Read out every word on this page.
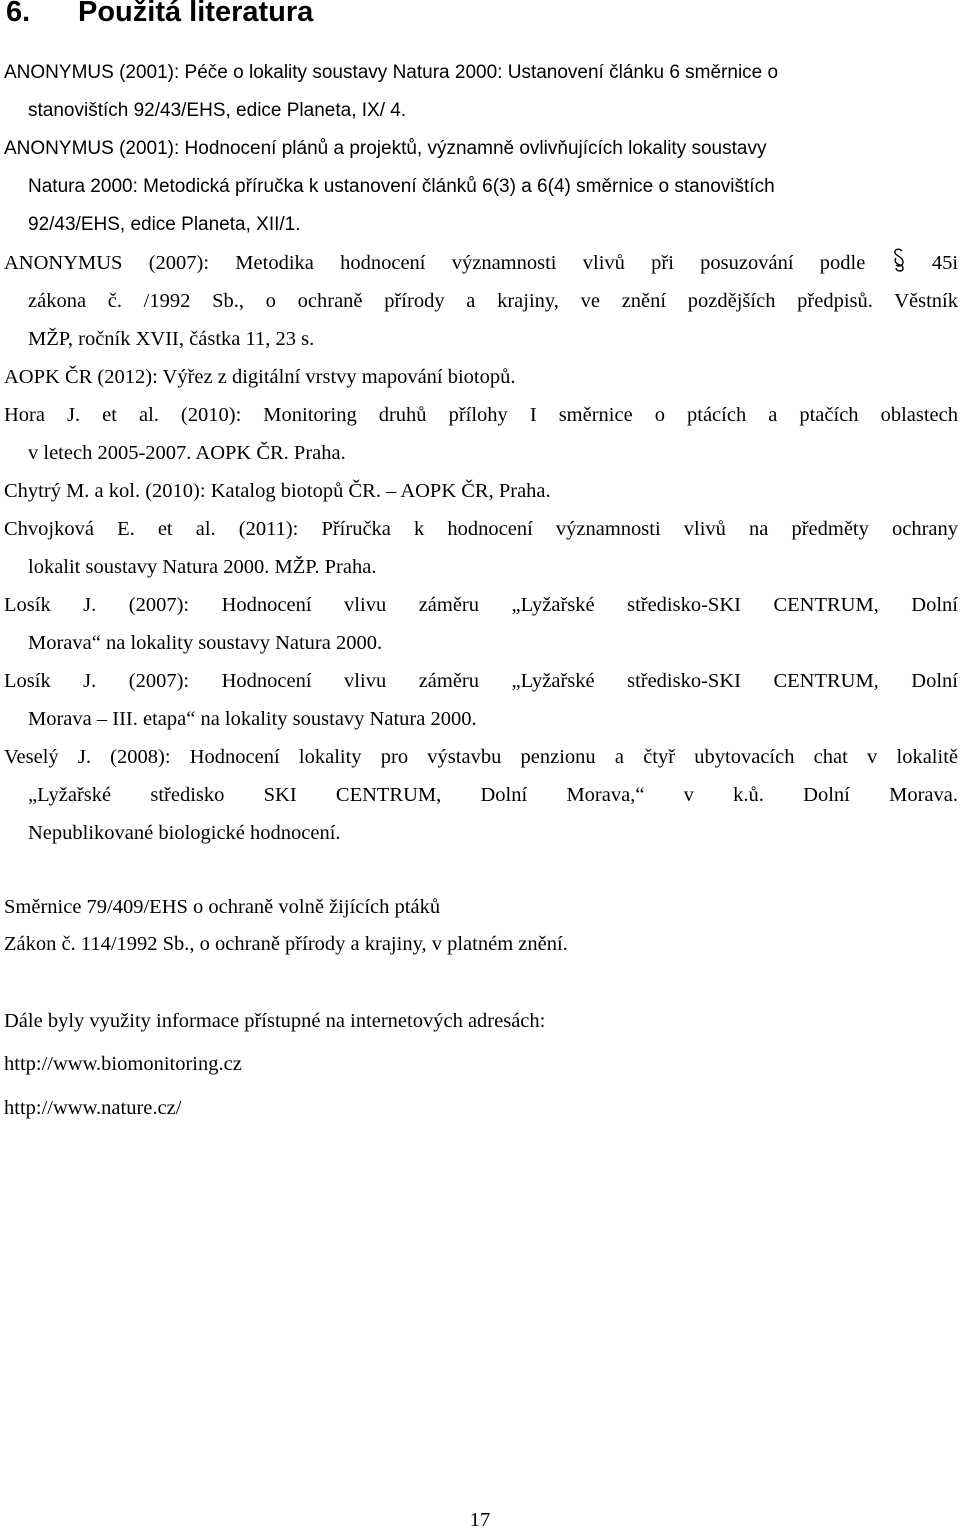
6. Použitá literatura
ANONYMUS (2001): Péče o lokality soustavy Natura 2000: Ustanovení článku 6 směrnice o
stanovištích 92/43/EHS, edice Planeta, IX/ 4.
ANONYMUS (2001): Hodnocení plánů a projektů, významně ovlivňujících lokality soustavy
Natura 2000: Metodická příručka k ustanovení článků 6(3) a 6(4) směrnice o stanovištích
92/43/EHS, edice Planeta, XII/1.
ANONYMUS (2007): Metodika hodnocení významnosti vlivů při posuzování podle	45i
zákona č. /1992 Sb., o ochraně přírody a krajiny, ve znění pozdějších předpisů. Věstník
MŽP, ročník XVII, částka 11, 23 s.
AOPK ČR (2012): Výřez z digitální vrstvy mapování biotopů.
Hora J. et al. (2010): Monitoring druhů přílohy I směrnice o ptácích a ptačích oblastech
v letech 2005-2007. AOPK ČR. Praha.
Chytrý M. a kol. (2010): Katalog biotopů ČR. – AOPK ČR, Praha.
Chvojková E. et al. (2011): Příručka k hodnocení významnosti vlivů na předměty ochrany
lokalit soustavy Natura 2000. MŽP. Praha.
Losík J. (2007): Hodnocení vlivu záměru „Lyžařské středisko-SKI CENTRUM, Dolní
Morava“ na lokality soustavy Natura 2000.
Losík J. (2007): Hodnocení vlivu záměru „Lyžařské středisko-SKI CENTRUM, Dolní
Morava – III. etapa“ na lokality soustavy Natura 2000.
Veselý J. (2008): Hodnocení lokality pro výstavbu penzionu a čtyř ubytovacích chat v lokalitě
„Lyžařské středisko SKI CENTRUM, Dolní Morava,“ v k.ů. Dolní Morava.
Nepublikované biologické hodnocení.
Směrnice 79/409/EHS o ochraně volně žijících ptáků
Zákon č. 114/1992 Sb., o ochraně přírody a krajiny, v platném znění.
Dále byly využity informace přístupné na internetových adresách:
http://www.biomonitoring.cz
http://www.nature.cz/
17
